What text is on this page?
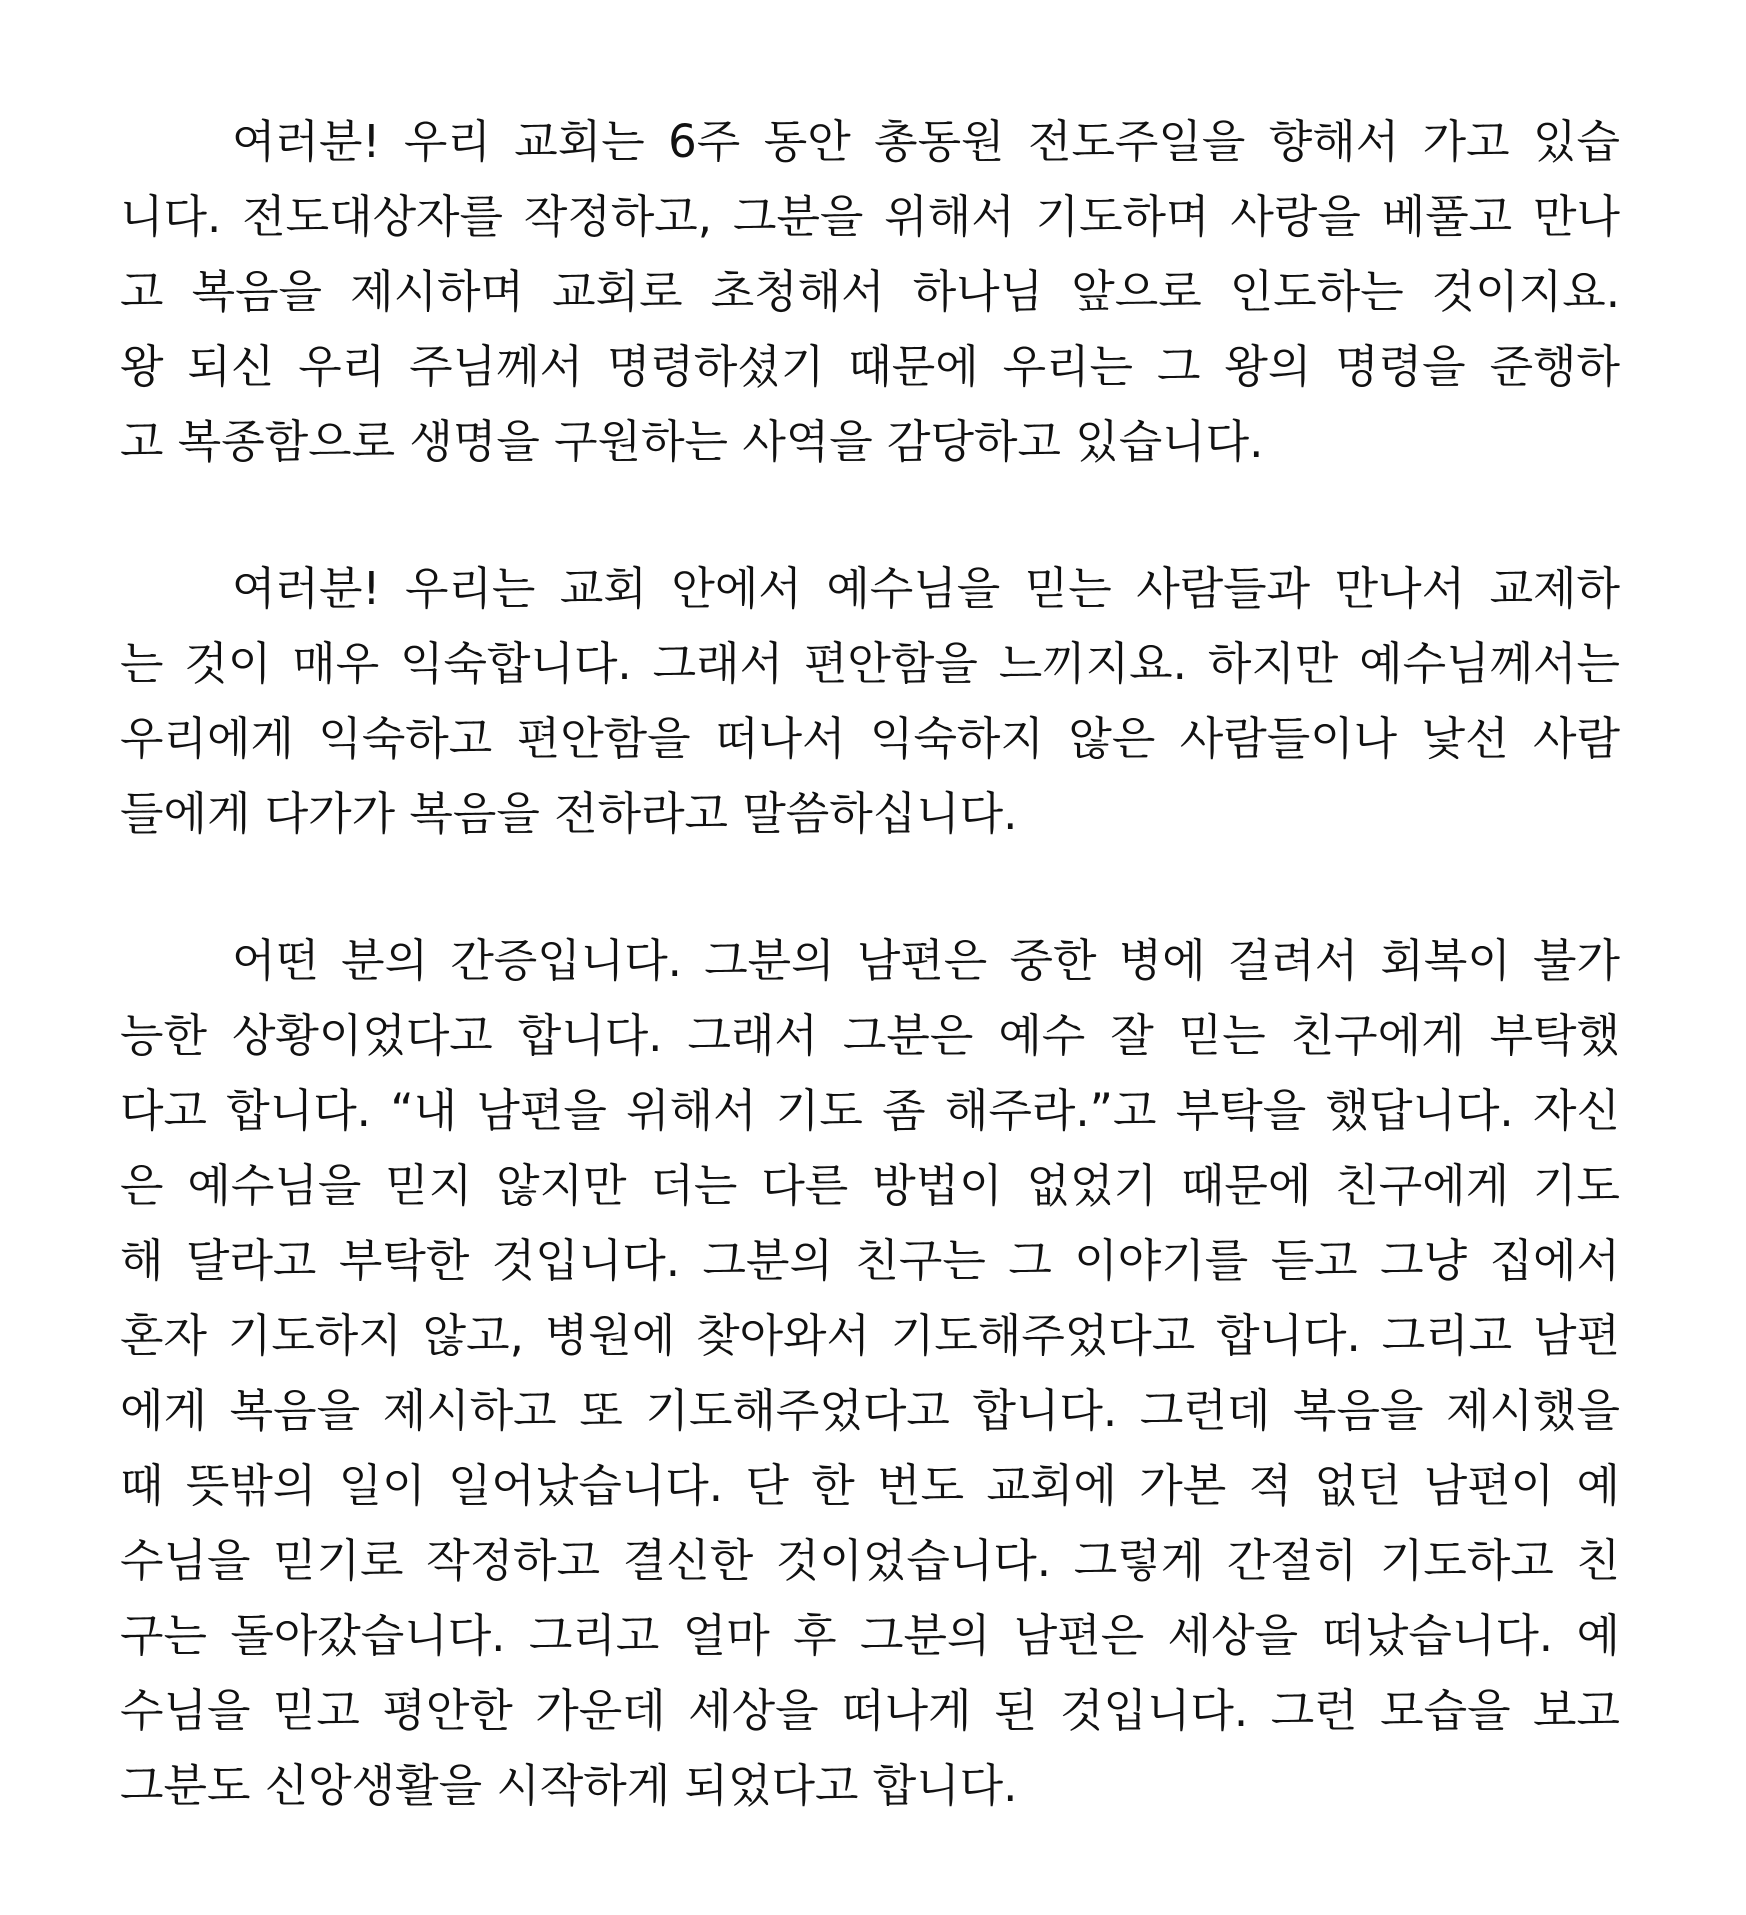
여러분! 우리 교회는 6주 동안 총동원 전도주일을 향해서 가고 있습
니다. 전도대상자를 작정하고, 그분을 위해서 기도하며 사랑을 베풀고 만나
고 복음을 제시하며 교회로 초청해서 하나님 앞으로 인도하는 것이지요.
왕 되신 우리 주님께서 명령하셨기 때문에 우리는 그 왕의 명령을 준행하
고 복종함으로 생명을 구원하는 사역을 감당하고 있습니다.
여러분! 우리는 교회 안에서 예수님을 믿는 사람들과 만나서 교제하
는 것이 매우 익숙합니다. 그래서 편안함을 느끼지요. 하지만 예수님께서는
우리에게 익숙하고 편안함을 떠나서 익숙하지 않은 사람들이나 낯선 사람
들에게 다가가 복음을 전하라고 말씀하십니다.
어떤 분의 간증입니다. 그분의 남편은 중한 병에 걸려서 회복이 불가
능한 상황이었다고 합니다. 그래서 그분은 예수 잘 믿는 친구에게 부탁했
다고 합니다. “내 남편을 위해서 기도 좀 해주라.”고 부탁을 했답니다. 자신
은 예수님을 믿지 않지만 더는 다른 방법이 없었기 때문에 친구에게 기도
해 달라고 부탁한 것입니다. 그분의 친구는 그 이야기를 듣고 그냥 집에서
혼자 기도하지 않고, 병원에 찾아와서 기도해주었다고 합니다. 그리고 남편
에게 복음을 제시하고 또 기도해주었다고 합니다. 그런데 복음을 제시했을
때 뜻밖의 일이 일어났습니다. 단 한 번도 교회에 가본 적 없던 남편이 예
수님을 믿기로 작정하고 결신한 것이었습니다. 그렇게 간절히 기도하고 친
구는 돌아갔습니다. 그리고 얼마 후 그분의 남편은 세상을 떠났습니다. 예
수님을 믿고 평안한 가운데 세상을 떠나게 된 것입니다. 그런 모습을 보고
그분도 신앙생활을 시작하게 되었다고 합니다.
